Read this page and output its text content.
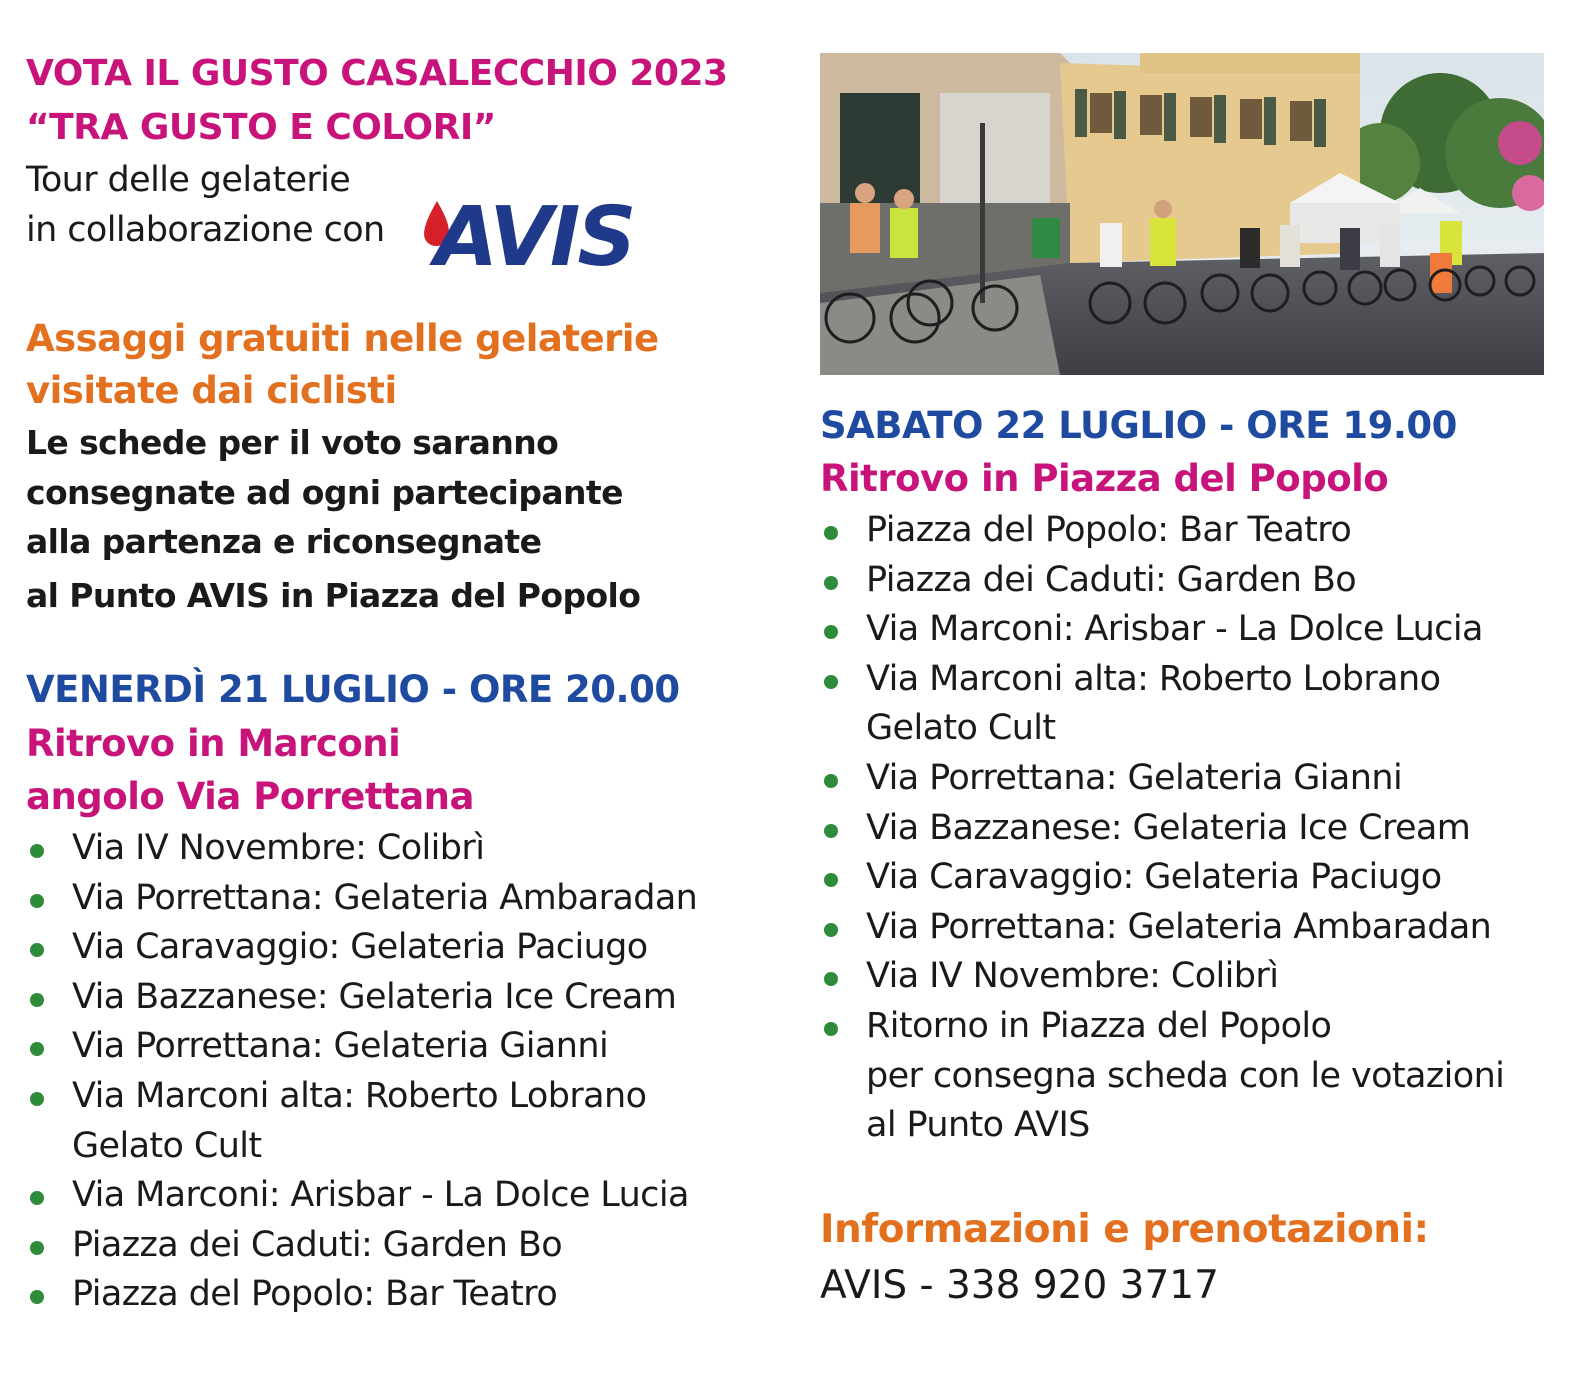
VOTA IL GUSTO CASALECCHIO 2023
“TRA GUSTO E COLORI”
Tour delle gelaterie
in collaborazione con
Assaggi gratuiti nelle gelaterie
visitate dai ciclisti
Le schede per il voto saranno
consegnate ad ogni partecipante
alla partenza e riconsegnate
al Punto AVIS in Piazza del Popolo
VENERDÌ 21 LUGLIO - ORE 20.00
Ritrovo in Marconi
angolo Via Porrettana
Via IV Novembre: Colibrì
Via Porrettana: Gelateria Ambaradan
Via Caravaggio: Gelateria Paciugo
Via Bazzanese: Gelateria Ice Cream
Via Porrettana: Gelateria Gianni
Via Marconi alta: Roberto Lobrano
Gelato Cult
Via Marconi: Arisbar - La Dolce Lucia
Piazza dei Caduti: Garden Bo
Piazza del Popolo: Bar Teatro
AVIS
SABATO 22 LUGLIO - ORE 19.00
Ritrovo in Piazza del Popolo
Piazza del Popolo: Bar Teatro
Piazza dei Caduti: Garden Bo
Via Marconi: Arisbar - La Dolce Lucia
Via Marconi alta: Roberto Lobrano
Gelato Cult
Via Porrettana: Gelateria Gianni
Via Bazzanese: Gelateria Ice Cream
Via Caravaggio: Gelateria Paciugo
Via Porrettana: Gelateria Ambaradan
Via IV Novembre: Colibrì
Ritorno in Piazza del Popolo
per consegna scheda con le votazioni
al Punto AVIS
Informazioni e prenotazioni:
AVIS - 338 920 3717
